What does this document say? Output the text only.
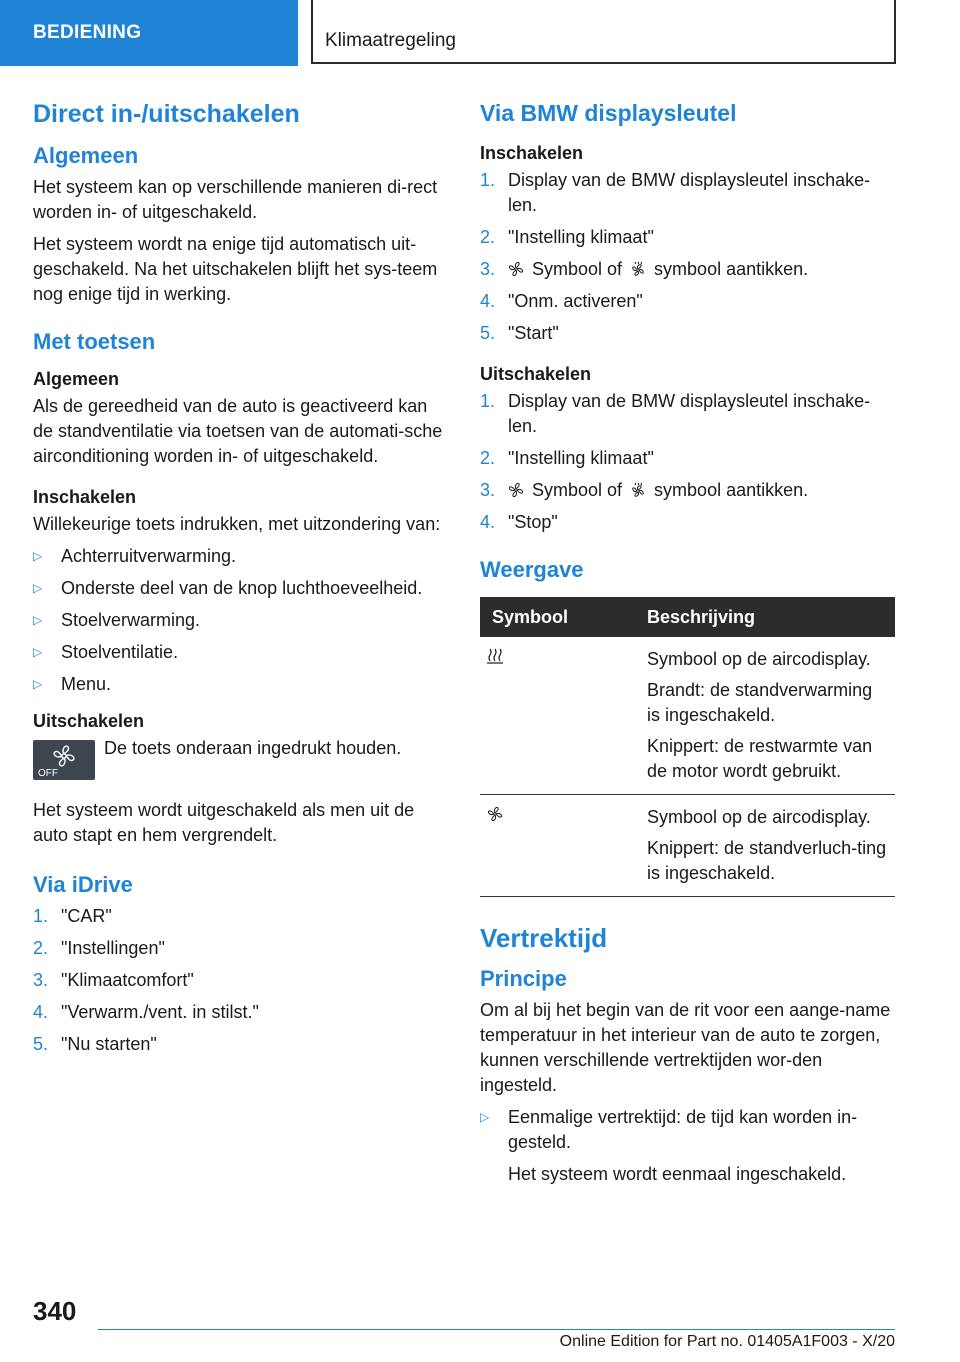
BEDIENING	Klimaatregeling
Direct in-/uitschakelen
Algemeen

Het systeem kan op verschillende manieren di-rect worden in- of uitgeschakeld.

Het systeem wordt na enige tijd automatisch uit-geschakeld. Na het uitschakelen blijft het sys-teem nog enige tijd in werking.

Met toetsen
Algemeen

Als de gereedheid van de auto is geactiveerd kan de standventilatie via toetsen van de automati-sche airconditioning worden in- of uitgeschakeld.

Inschakelen

Willekeurige toets indrukken, met uitzondering van:

▷ Achterruitverwarming.
▷ Onderste deel van de knop luchthoeveelheid.
▷ Stoelverwarming.
▷ Stoelventilatie.
▷ Menu.
Uitschakelen
OFF

De toets onderaan ingedrukt houden.

Het systeem wordt uitgeschakeld als men uit de auto stapt en hem vergrendelt.

Via iDrive
1. "CAR"
2. "Instellingen"
3. "Klimaatcomfort"
4. "Verwarm./vent. in stilst."
5. "Nu starten"
Via BMW displaysleutel
Inschakelen
1. Display van de BMW displaysleutel inschake-len.
2. "Instelling klimaat"
3. Symbool of symbool aantikken.
4. "Onm. activeren"
5. "Start"
Uitschakelen
1. Display van de BMW displaysleutel inschake-len.
2. "Instelling klimaat"
3. Symbool of symbool aantikken.
4. "Stop"
Weergave
Symbool	Beschrijving

Symbool op de aircodisplay.

Brandt: de standverwarming is ingeschakeld.

Knippert: de restwarmte van de motor wordt gebruikt.

Symbool op de aircodisplay.

Knippert: de standverluch-ting is ingeschakeld.

Vertrektijd
Principe

Om al bij het begin van de rit voor een aange-name temperatuur in het interieur van de auto te zorgen, kunnen verschillende vertrektijden wor-den ingesteld.

▷ Eenmalige vertrektijd: de tijd kan worden in-gesteld.

Het systeem wordt eenmaal ingeschakeld.

340
Online Edition for Part no. 01405A1F003 - X/20
